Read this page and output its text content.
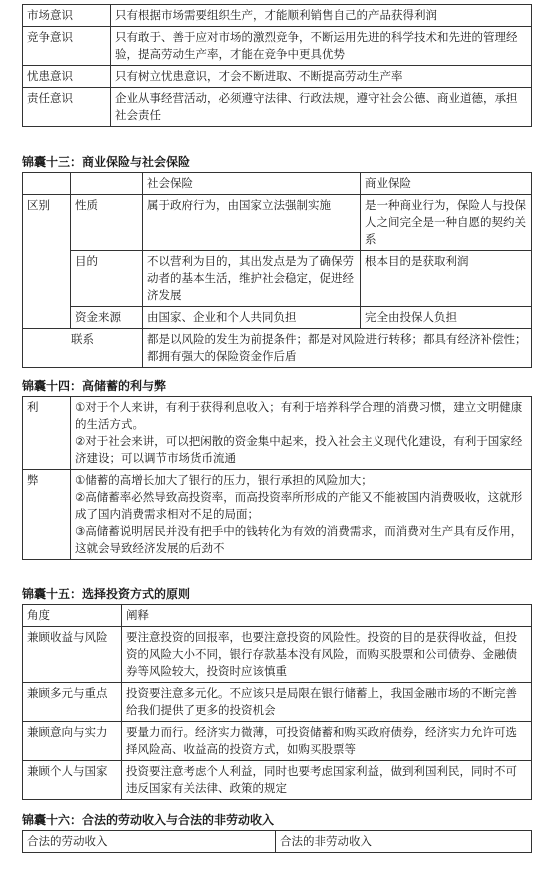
市场意识	只有根据市场需要组织生产，才能顺利销售自己的产品获得利润
竞争意识	只有敢于、善于应对市场的激烈竞争，不断运用先进的科学技术和先进的管理经验，提高劳动生产率，才能在竞争中更具优势
忧患意识	只有树立忧患意识，才会不断进取、不断提高劳动生产率
责任意识	企业从事经营活动，必须遵守法律、行政法规，遵守社会公德、商业道德，承担社会责任
锦囊十三：商业保险与社会保险
		社会保险	商业保险
区别	性质	属于政府行为，由国家立法强制实施	是一种商业行为，保险人与投保人之间完全是一种自愿的契约关系
	目的	不以营利为目的，其出发点是为了确保劳动者的基本生活，维护社会稳定，促进经济发展	根本目的是获取利润
	资金来源	由国家、企业和个人共同负担	完全由投保人负担
联系		都是以风险的发生为前提条件；都是对风险进行转移；都具有经济补偿性；都拥有强大的保险资金作后盾	
锦囊十四：高储蓄的利与弊
利	①对于个人来讲，有利于获得利息收入；有利于培养科学合理的消费习惯，建立文明健康的生活方式。

②对于社会来讲，可以把闲散的资金集中起来，投入社会主义现代化建设，有利于国家经济建设；可以调节市场货币流通

弊	①储蓄的高增长加大了银行的压力，银行承担的风险加大；

②高储蓄率必然导致高投资率，而高投资率所形成的产能又不能被国内消费吸收，这就形成了国内消费需求相对不足的局面；

③高储蓄说明居民并没有把手中的钱转化为有效的消费需求，而消费对生产具有反作用，这就会导致经济发展的后劲不

锦囊十五：选择投资方式的原则
角度	阐释
兼顾收益与风险	要注意投资的回报率，也要注意投资的风险性。投资的目的是获得收益，但投资的风险大小不同，银行存款基本没有风险，而购买股票和公司债券、金融债券等风险较大，投资时应该慎重
兼顾多元与重点	投资要注意多元化。不应该只是局限在银行储蓄上，我国金融市场的不断完善给我们提供了更多的投资机会
兼顾意向与实力	要量力而行。经济实力微薄，可投资储蓄和购买政府债券，经济实力允许可选择风险高、收益高的投资方式，如购买股票等
兼顾个人与国家	投资要注意考虑个人利益，同时也要考虑国家利益，做到利国利民，同时不可违反国家有关法律、政策的规定
锦囊十六：合法的劳动收入与合法的非劳动收入
合法的劳动收入	合法的非劳动收入
